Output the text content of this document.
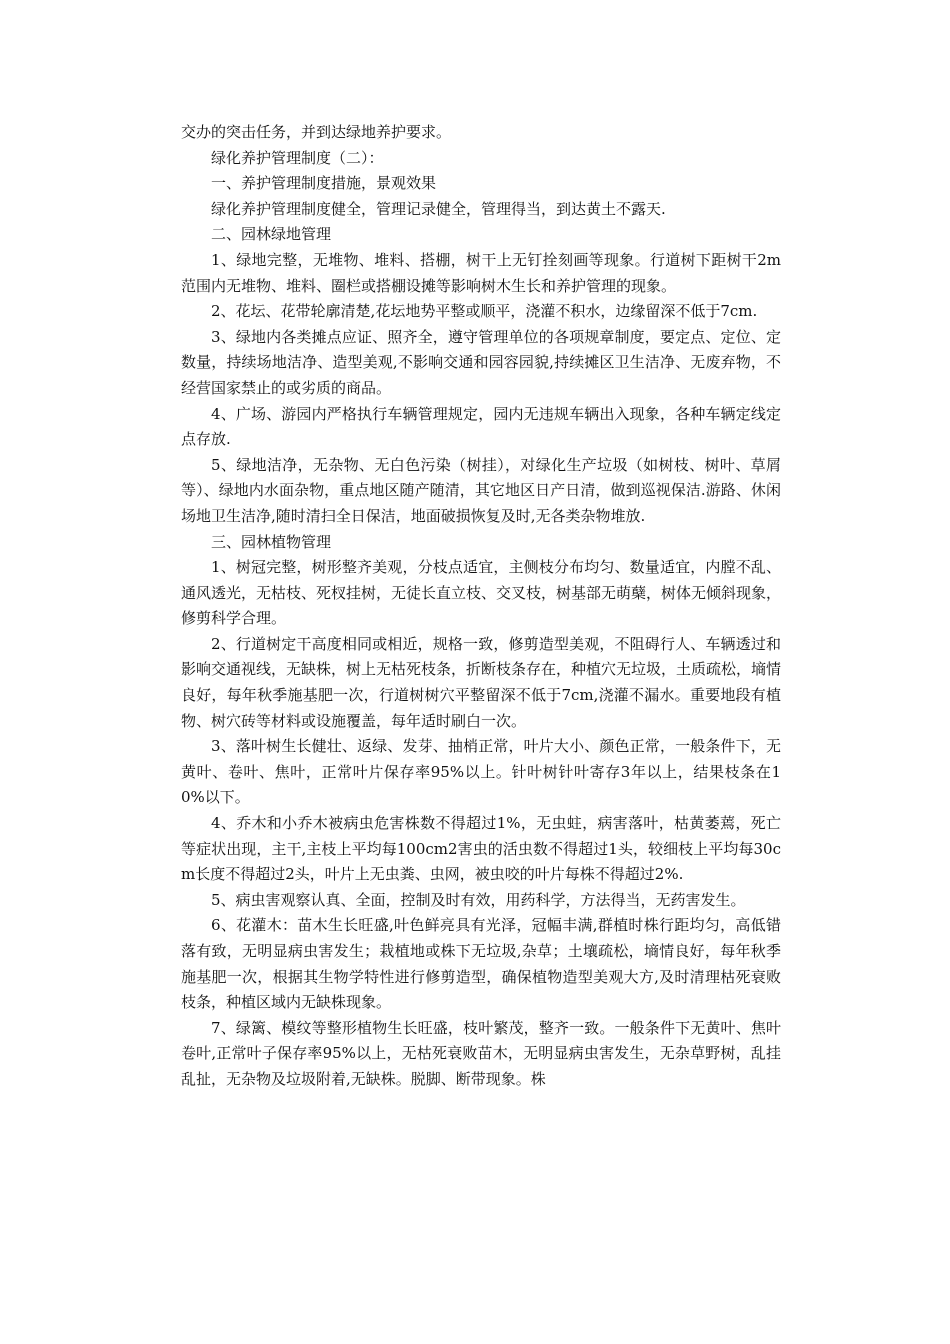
交办的突击任务，并到达绿地养护要求。

绿化养护管理制度（二）：

一、养护管理制度措施，景观效果

绿化养护管理制度健全，管理记录健全，管理得当，到达黄土不露天.

二、园林绿地管理

1、绿地完整，无堆物、堆料、搭棚，树干上无钉拴刻画等现象。行道树下距树干2m范围内无堆物、堆料、圈栏或搭棚设摊等影响树木生长和养护管理的现象。

2、花坛、花带轮廓清楚,花坛地势平整或顺平，浇灌不积水，边缘留深不低于7cm.

3、绿地内各类摊点应证、照齐全，遵守管理单位的各项规章制度，要定点、定位、定数量，持续场地洁净、造型美观,不影响交通和园容园貌,持续摊区卫生洁净、无废弃物，不经营国家禁止的或劣质的商品。

4、广场、游园内严格执行车辆管理规定，园内无违规车辆出入现象，各种车辆定线定点存放.

5、绿地洁净，无杂物、无白色污染（树挂），对绿化生产垃圾（如树枝、树叶、草屑等）、绿地内水面杂物，重点地区随产随清，其它地区日产日清，做到巡视保洁.游路、休闲场地卫生洁净,随时清扫全日保洁，地面破损恢复及时,无各类杂物堆放.

三、园林植物管理

1、树冠完整，树形整齐美观，分枝点适宜，主侧枝分布均匀、数量适宜，内膛不乱、通风透光，无枯枝、死杈挂树，无徒长直立枝、交叉枝，树基部无萌蘖，树体无倾斜现象，修剪科学合理。

2、行道树定干高度相同或相近，规格一致，修剪造型美观，不阻碍行人、车辆透过和影响交通视线，无缺株，树上无枯死枝条，折断枝条存在，种植穴无垃圾，土质疏松，墒情良好，每年秋季施基肥一次，行道树树穴平整留深不低于7cm,浇灌不漏水。重要地段有植物、树穴砖等材料或设施覆盖，每年适时刷白一次。

3、落叶树生长健壮、返绿、发芽、抽梢正常，叶片大小、颜色正常，一般条件下，无黄叶、卷叶、焦叶，正常叶片保存率95%以上。针叶树针叶寄存3年以上，结果枝条在10%以下。

4、乔木和小乔木被病虫危害株数不得超过1%，无虫蛀，病害落叶，枯黄萎蔫，死亡等症状出现，主干,主枝上平均每100cm2害虫的活虫数不得超过1头，较细枝上平均每30cm长度不得超过2头，叶片上无虫粪、虫网，被虫咬的叶片每株不得超过2%.

5、病虫害观察认真、全面，控制及时有效，用药科学，方法得当，无药害发生。

6、花灌木：苗木生长旺盛,叶色鲜亮具有光泽，冠幅丰满,群植时株行距均匀，高低错落有致，无明显病虫害发生；栽植地或株下无垃圾,杂草；土壤疏松，墒情良好，每年秋季施基肥一次，根据其生物学特性进行修剪造型，确保植物造型美观大方,及时清理枯死衰败枝条，种植区域内无缺株现象。

7、绿篱、模纹等整形植物生长旺盛，枝叶繁茂，整齐一致。一般条件下无黄叶、焦叶卷叶,正常叶子保存率95%以上，无枯死衰败苗木，无明显病虫害发生，无杂草野树，乱挂乱扯，无杂物及垃圾附着,无缺株。脱脚、断带现象。株
